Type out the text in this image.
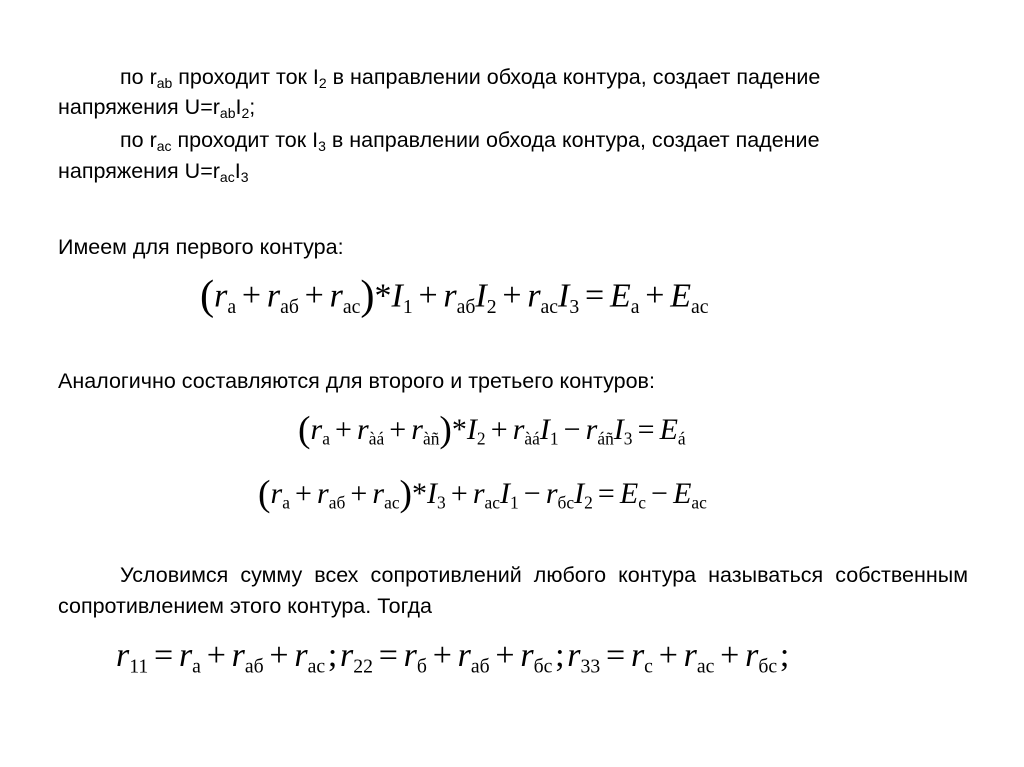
по $r_{ab}$ проходит ток $I_2$ в направлении обхода контура, создает падение
напряжения $U=r_{ab}I_2$;
по $r_{ac}$ проходит ток $I_3$ в направлении обхода контура, создает падение
напряжения $U=r_{ac}I_3$
Имеем для первого контура:
$(r_а + r_{аб} + r_{ас})*I_1 + r_{аб}I_2 + r_{ас}I_3 = E_а + E_{ас}$
Аналогично составляются для второго и третьего контуров:
$(r_а + r_{àá} + r_{àñ})*I_2 + r_{àá}I_1 - r_{áñ}I_3 = E_á$
$(r_а + r_{аб} + r_{ас})*I_3 + r_{ас}I_1 - r_{бс}I_2 = E_с - E_{ас}$
Условимся сумму всех сопротивлений любого контура называться собственным сопротивлением этого контура. Тогда
$r_{11} = r_а + r_{аб}$ + $r_{ас};r_{22} = r_б + r_{аб}$ + $r_{бс};r_{33} = r_с + r_{ас} + r_{бс}$;
